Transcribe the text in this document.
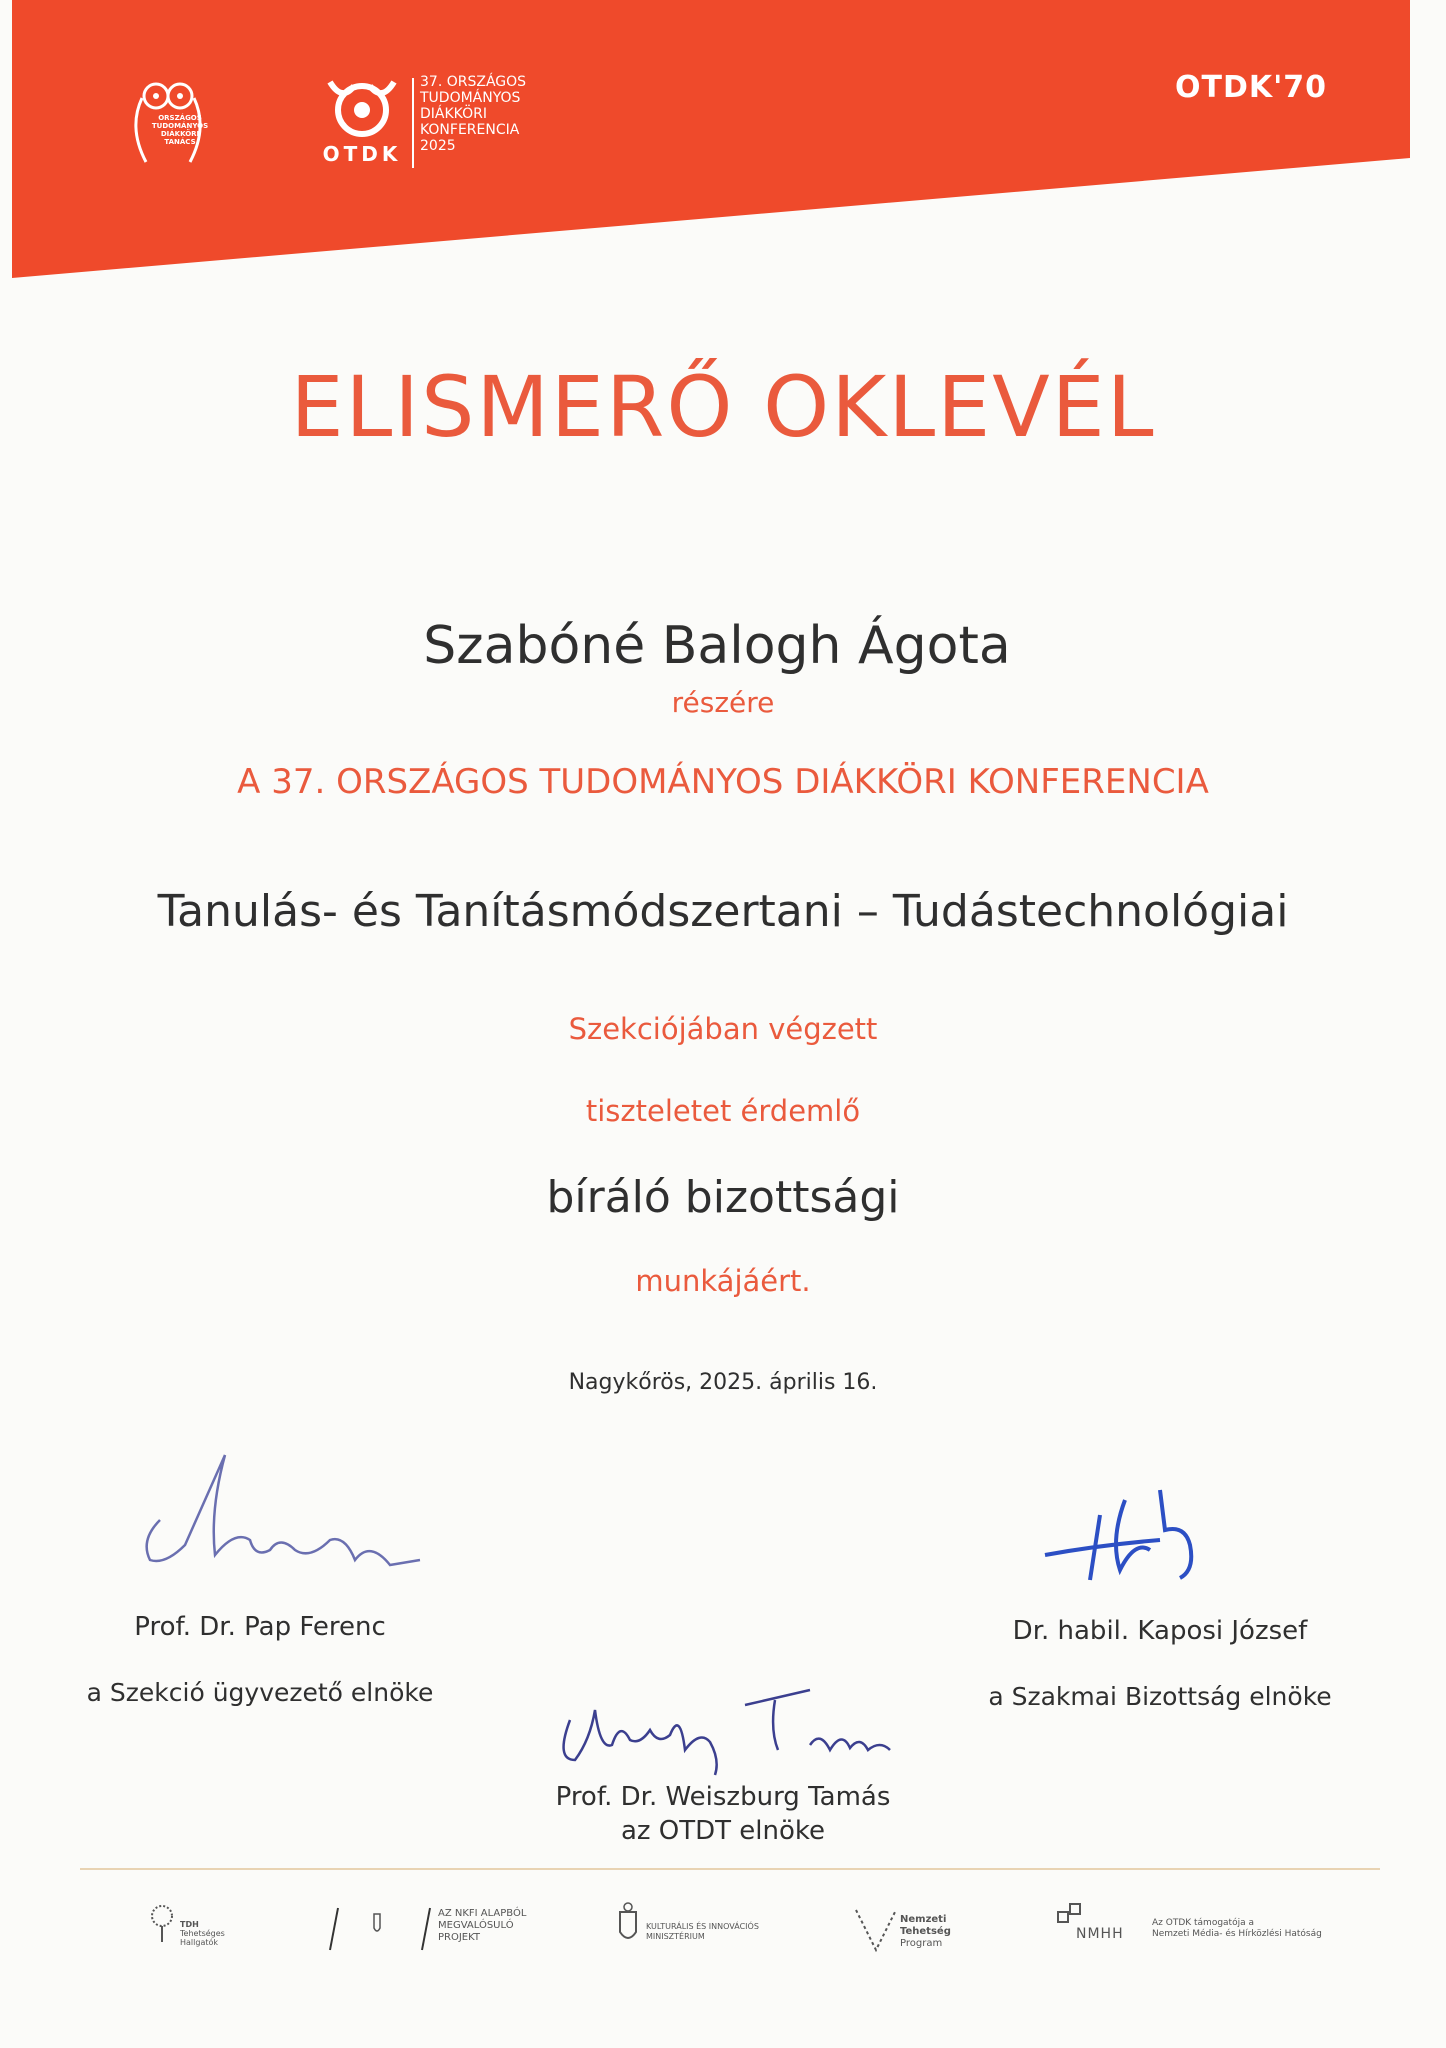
ORSZÁGOS
TUDOMÁNYOS
DIÁKKÖRI
TANÁCS	OTDK
37. ORSZÁGOS
TUDOMÁNYOS
DIÁKKÖRI
KONFERENCIA
2025
OTDK'70
ELISMERŐ OKLEVÉL
Szabóné Balogh Ágota
részére
A 37. ORSZÁGOS TUDOMÁNYOS DIÁKKÖRI KONFERENCIA
Tanulás- és Tanításmódszertani – Tudástechnológiai
Szekciójában végzett
tiszteletet érdemlő
bíráló bizottsági
munkájáért.
Nagykőrös, 2025. április 16.
Prof. Dr. Pap Ferenc
a Szekció ügyvezető elnöke
Dr. habil. Kaposi József
a Szakmai Bizottság elnöke
Prof. Dr. Weiszburg Tamás
az OTDT elnöke
TDH
Tehetséges
Hallgatók
AZ NKFI ALAPBÓL
MEGVALÓSULÓ
PROJEKT
KULTURÁLIS ÉS INNOVÁCIÓS
MINISZTÉRIUM
Nemzeti Tehetség
Program
NMHH
Az OTDK támogatója a
Nemzeti Média- és Hírközlési Hatóság
